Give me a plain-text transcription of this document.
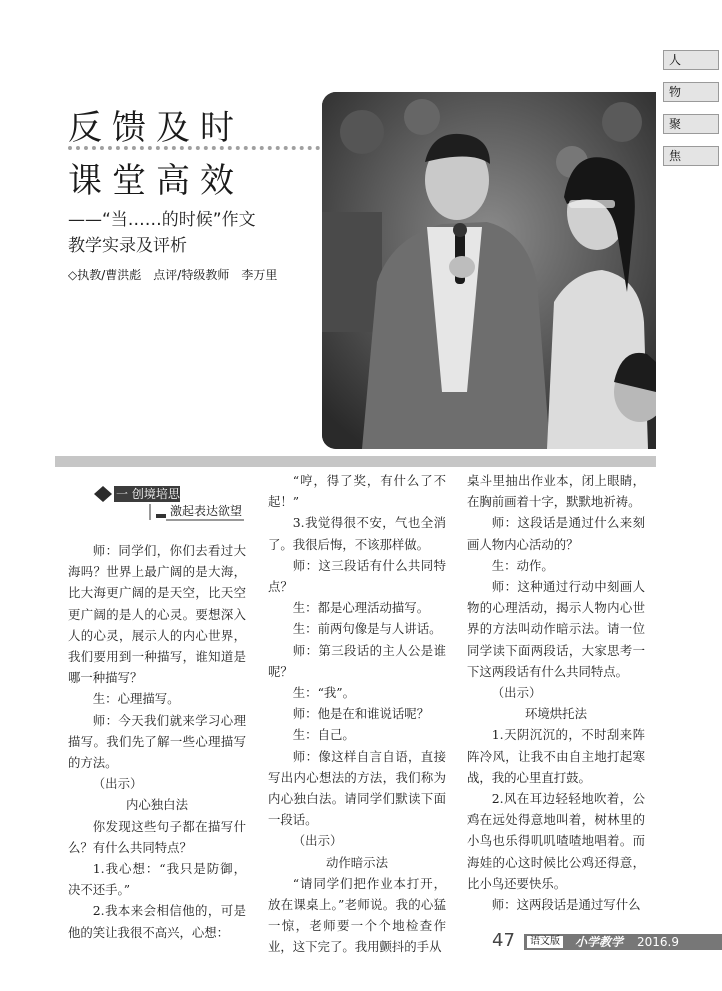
人
物
聚
焦
反馈及时
课堂高效
——“当……的时候”作文
教学实录及评析
◇执教/曹洪彪 点评/特级教师 李万里
一 创境培思，
激起表达欲望

师：同学们，你们去看过大海吗？世界上最广阔的是大海，比大海更广阔的是天空，比天空更广阔的是人的心灵。要想深入人的心灵，展示人的内心世界，我们要用到一种描写，谁知道是哪一种描写？

生：心理描写。

师：今天我们就来学习心理描写。我们先了解一些心理描写的方法。

（出示）

内心独白法

你发现这些句子都在描写什么？有什么共同特点？

1.我心想：“我只是防御，决不还手。”

2.我本来会相信他的，可是他的笑让我很不高兴，心想：

“哼，得了奖，有什么了不起！”

3.我觉得很不安，气也全消了。我很后悔，不该那样做。

师：这三段话有什么共同特点？

生：都是心理活动描写。

生：前两句像是与人讲话。

师：第三段话的主人公是谁呢？

生：“我”。

师：他是在和谁说话呢？

生：自己。

师：像这样自言自语，直接写出内心想法的方法，我们称为内心独白法。请同学们默读下面一段话。

（出示）

动作暗示法

“请同学们把作业本打开，放在课桌上。”老师说。我的心猛一惊，老师要一个个地检查作业，这下完了。我用颤抖的手从

桌斗里抽出作业本，闭上眼睛，在胸前画着十字，默默地祈祷。

师：这段话是通过什么来刻画人物内心活动的？

生：动作。

师：这种通过行动中刻画人物的心理活动，揭示人物内心世界的方法叫动作暗示法。请一位同学读下面两段话，大家思考一下这两段话有什么共同特点。

（出示）

环境烘托法

1.天阴沉沉的，不时刮来阵阵冷风，让我不由自主地打起寒战，我的心里直打鼓。

2.风在耳边轻轻地吹着，公鸡在远处得意地叫着，树林里的小鸟也乐得叽叽喳喳地唱着。而海娃的心这时候比公鸡还得意，比小鸟还要快乐。

师：这两段话是通过写什么

47	语文版 小学教学 2016.9
